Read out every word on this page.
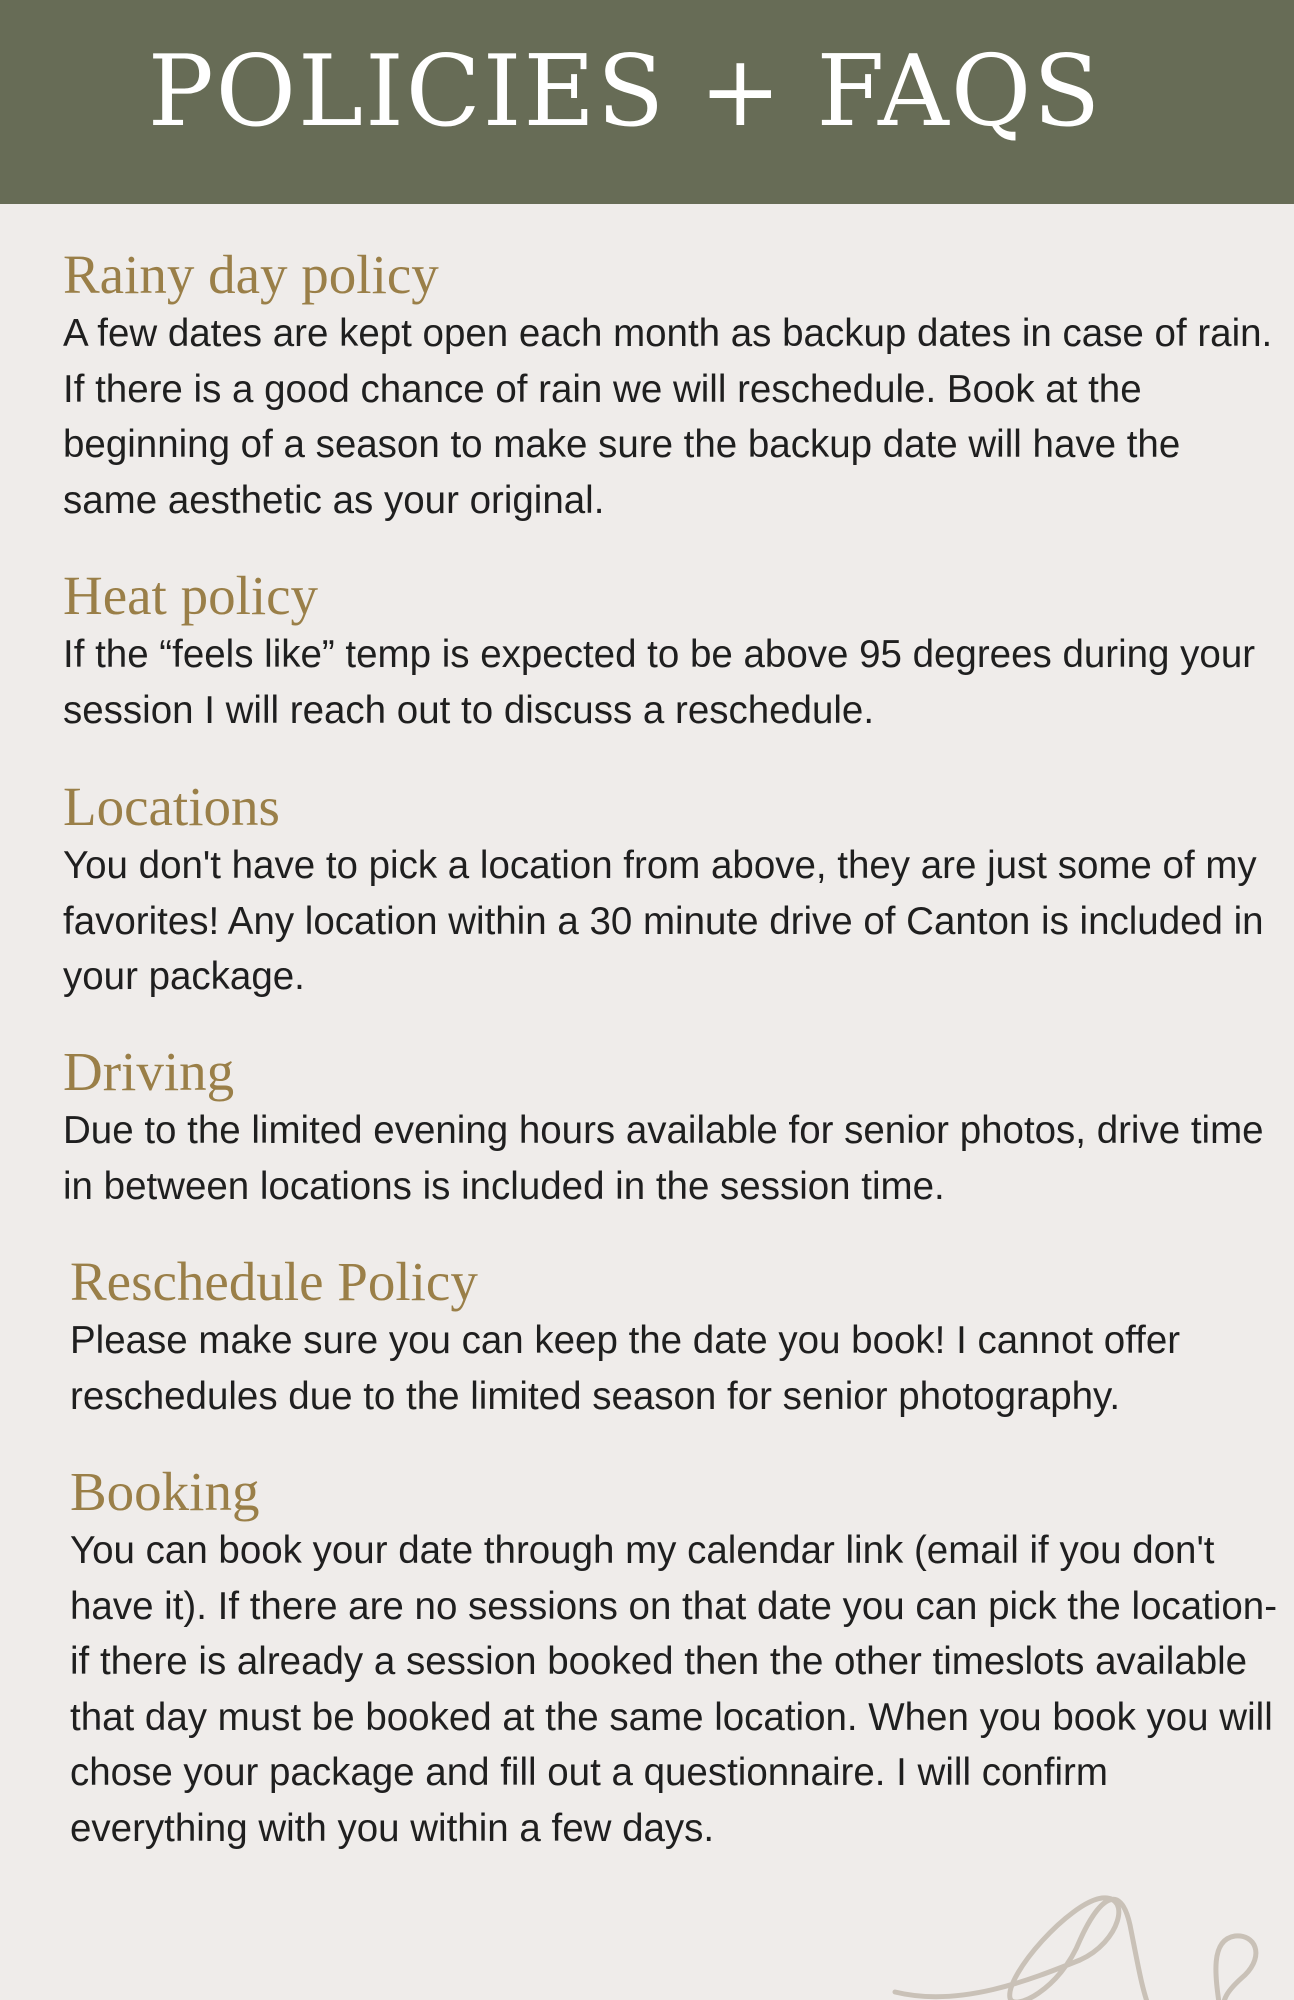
POLICIES + FAQS
Rainy day policy

A few dates are kept open each month as backup dates in case of rain. If there is a good chance of rain we will reschedule. Book at the beginning of a season to make sure the backup date will have the same aesthetic as your original.

Heat policy

If the “feels like” temp is expected to be above 95 degrees during your session I will reach out to discuss a reschedule.

Locations

You don't have to pick a location from above, they are just some of my favorites! Any location within a 30 minute drive of Canton is included in your package.

Driving

Due to the limited evening hours available for senior photos, drive time in between locations is included in the session time.

Reschedule Policy

Please make sure you can keep the date you book! I cannot offer reschedules due to the limited season for senior photography.

Booking

You can book your date through my calendar link (email if you don't have it). If there are no sessions on that date you can pick the location- if there is already a session booked then the other timeslots available that day must be booked at the same location. When you book you will chose your package and fill out a questionnaire. I will confirm everything with you within a few days.
